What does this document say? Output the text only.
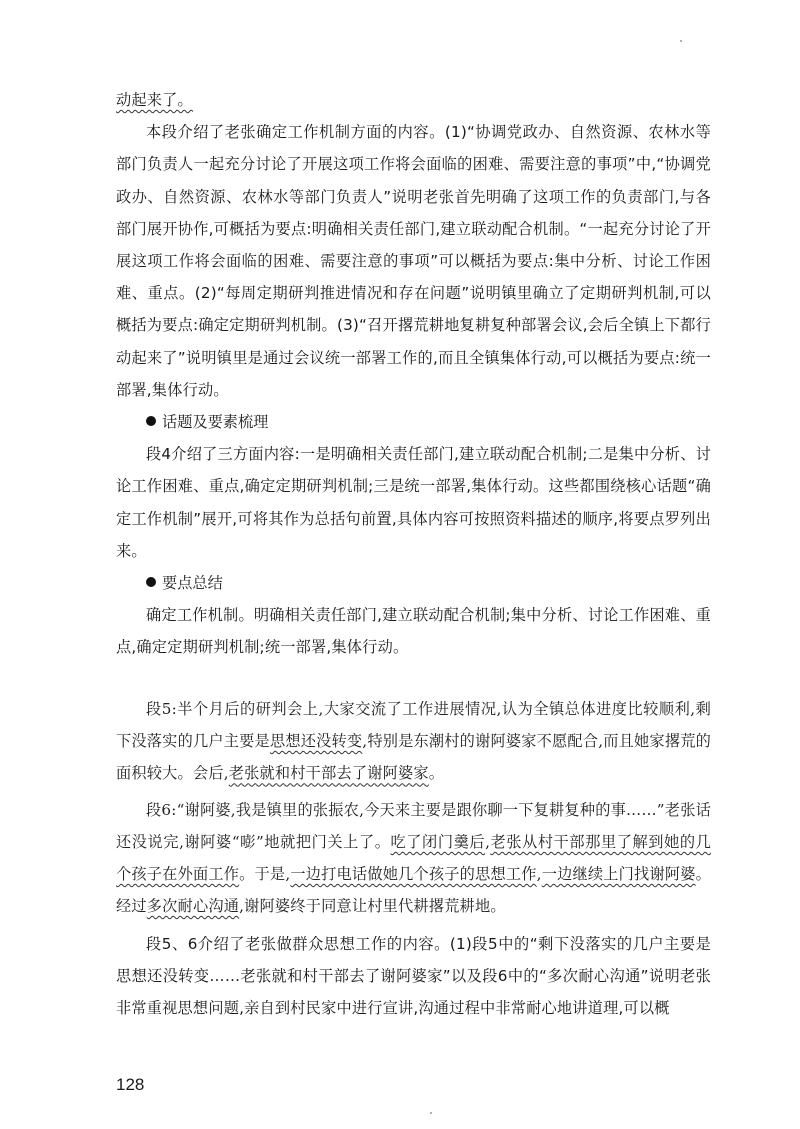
动起来了。

本段介绍了老张确定工作机制方面的内容。(1)“协调党政办、自然资源、农林水等部门负责人一起充分讨论了开展这项工作将会面临的困难、需要注意的事项”中,“协调党政办、自然资源、农林水等部门负责人”说明老张首先明确了这项工作的负责部门,与各部门展开协作,可概括为要点:明确相关责任部门,建立联动配合机制。“一起充分讨论了开展这项工作将会面临的困难、需要注意的事项”可以概括为要点:集中分析、讨论工作困难、重点。(2)“每周定期研判推进情况和存在问题”说明镇里确立了定期研判机制,可以概括为要点:确定定期研判机制。(3)“召开撂荒耕地复耕复种部署会议,会后全镇上下都行动起来了”说明镇里是通过会议统一部署工作的,而且全镇集体行动,可以概括为要点:统一部署,集体行动。

话题及要素梳理

段4介绍了三方面内容:一是明确相关责任部门,建立联动配合机制;二是集中分析、讨论工作困难、重点,确定定期研判机制;三是统一部署,集体行动。这些都围绕核心话题“确定工作机制”展开,可将其作为总括句前置,具体内容可按照资料描述的顺序,将要点罗列出来。

要点总结

确定工作机制。明确相关责任部门,建立联动配合机制;集中分析、讨论工作困难、重点,确定定期研判机制;统一部署,集体行动。

段5:半个月后的研判会上,大家交流了工作进展情况,认为全镇总体进度比较顺利,剩下没落实的几户主要是思想还没转变,特别是东潮村的谢阿婆家不愿配合,而且她家撂荒的面积较大。会后,老张就和村干部去了谢阿婆家。

段6:“谢阿婆,我是镇里的张振农,今天来主要是跟你聊一下复耕复种的事……”老张话还没说完,谢阿婆“嘭”地就把门关上了。吃了闭门羹后,老张从村干部那里了解到她的几个孩子在外面工作。于是,一边打电话做她几个孩子的思想工作,一边继续上门找谢阿婆。经过多次耐心沟通,谢阿婆终于同意让村里代耕撂荒耕地。

段5、6介绍了老张做群众思想工作的内容。(1)段5中的“剩下没落实的几户主要是思想还没转变……老张就和村干部去了谢阿婆家”以及段6中的“多次耐心沟通”说明老张非常重视思想问题,亲自到村民家中进行宣讲,沟通过程中非常耐心地讲道理,可以概

128
